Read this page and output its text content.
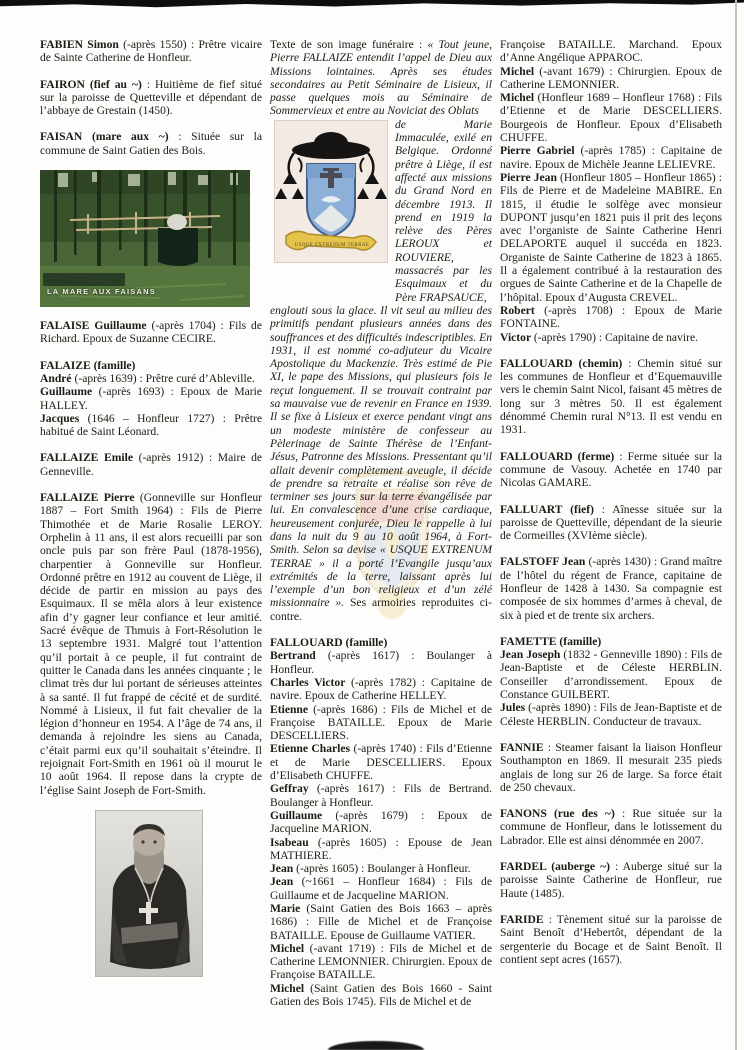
FABIEN Simon (-après 1550) : Prêtre vicaire de Sainte Catherine de Honfleur.
FAIRON (fief au ~) : Huitième de fief situé sur la paroisse de Quetteville et dépendant de l’abbaye de Grestain (1450).
FAISAN (mare aux ~) : Située sur la commune de Saint Gatien des Bois.
LA MARE AUX FAISANS
FALAISE Guillaume (-après 1704) : Fils de Richard. Epoux de Suzanne CECIRE.
FALAIZE (famille)
André (-après 1639) : Prêtre curé d’Ableville.
Guillaume (-après 1693) : Epoux de Marie HALLEY.
Jacques (1646 – Honfleur 1727) : Prêtre habitué de Saint Léonard.
FALLAIZE Emile (-après 1912) : Maire de Genneville.
FALLAIZE Pierre (Gonneville sur Honfleur 1887 – Fort Smith 1964) : Fils de Pierre Thimothée et de Marie Rosalie LEROY. Orphelin à 11 ans, il est alors recueilli par son oncle puis par son frère Paul (1878-1956), charpentier à Gonneville sur Honfleur. Ordonné prêtre en 1912 au couvent de Liège, il décide de partir en mission au pays des Esquimaux. Il se mêla alors à leur existence afin d’y gagner leur confiance et leur amitié. Sacré évêque de Thmuis à Fort-Résolution le 13 septembre 1931. Malgré tout l’attention qu’il portait à ce peuple, il fut contraint de quitter le Canada dans les années cinquante ; le climat très dur lui portant de sérieuses atteintes à sa santé. Il fut frappé de cécité et de surdité. Nommé à Lisieux, il fut fait chevalier de la légion d’honneur en 1954. A l’âge de 74 ans, il demanda à rejoindre les siens au Canada, c’était parmi eux qu’il souhaitait s’éteindre. Il rejoignait Fort-Smith en 1961 où il mourut le 10 août 1964. Il repose dans la crypte de l’église Saint Joseph de Fort-Smith.
Texte de son image funéraire : « Tout jeune, Pierre FALLAIZE entendit l’appel de Dieu aux Missions lointaines. Après ses études secondaires au Petit Séminaire de Lisieux, il passe quelques mois au Séminaire de Sommervieux et entre au Noviciat des Oblats
USQUE EXTRENUM TERRAE
de Marie Immaculée, exilé en Belgique. Ordonné prêtre à Liège, il est affecté aux missions du Grand Nord en décembre 1913. Il prend en 1919 la relève des Pères LEROUX et ROUVIERE, massacrés par les Esquimaux et du Père FRAPSAUCE,
englouti sous la glace. Il vit seul au milieu des primitifs pendant plusieurs années dans des souffrances et des difficultés indescriptibles. En 1931, il est nommé co-adjuteur du Vicaire Apostolique du Mackenzie. Très estimé de Pie XI, le pape des Missions, qui plusieurs fois le reçut longuement. Il se trouvait contraint par sa mauvaise vue de revenir en France en 1939. Il se fixe à Lisieux et exerce pendant vingt ans un modeste ministère de confesseur au Pèlerinage de Sainte Thérèse de l’Enfant-Jésus, Patronne des Missions. Pressentant qu’il allait devenir complètement aveugle, il décide de prendre sa retraite et réalise son rêve de terminer ses jours sur la terre évangélisée par lui. En convalescence d’une crise cardiaque, heureusement conjurée, Dieu le rappelle à lui dans la nuit du 9 au 10 août 1964, à Fort-Smith. Selon sa devise « USQUE EXTRENUM TERRAE » il a porté l’Evangile jusqu’aux extrémités de la terre, laissant après lui l’exemple d’un bon religieux et d’un zélé missionnaire ». Ses armoiries reproduites ci-contre.
FALLOUARD (famille)
Bertrand (-après 1617) : Boulanger à Honfleur.
Charles Victor (-après 1782) : Capitaine de navire. Epoux de Catherine HELLEY.
Etienne (-après 1686) : Fils de Michel et de Françoise BATAILLE. Epoux de Marie DESCELLIERS.
Etienne Charles (-après 1740) : Fils d’Etienne et de Marie DESCELLIERS. Epoux d’Elisabeth CHUFFE.
Geffray (-après 1617) : Fils de Bertrand. Boulanger à Honfleur.
Guillaume (-après 1679) : Epoux de Jacqueline MARION.
Isabeau (-après 1605) : Epouse de Jean MATHIERE.
Jean (-après 1605) : Boulanger à Honfleur.
Jean (~1661 – Honfleur 1684) : Fils de Guillaume et de Jacqueline MARION.
Marie (Saint Gatien des Bois 1663 – après 1686) : Fille de Michel et de Françoise BATAILLE. Epouse de Guillaume VATIER.
Michel (-avant 1719) : Fils de Michel et de Catherine LEMONNIER. Chirurgien. Epoux de Françoise BATAILLE.
Michel (Saint Gatien des Bois 1660 - Saint Gatien des Bois 1745). Fils de Michel et de
Françoise BATAILLE. Marchand. Epoux d’Anne Angélique APPAROC.
Michel (-avant 1679) : Chirurgien. Epoux de Catherine LEMONNIER.
Michel (Honfleur 1689 – Honfleur 1768) : Fils d’Etienne et de Marie DESCELLIERS. Bourgeois de Honfleur. Epoux d’Elisabeth CHUFFE.
Pierre Gabriel (-après 1785) : Capitaine de navire. Epoux de Michèle Jeanne LELIEVRE.
Pierre Jean (Honfleur 1805 – Honfleur 1865) : Fils de Pierre et de Madeleine MABIRE. En 1815, il étudie le solfège avec monsieur DUPONT jusqu’en 1821 puis il prit des leçons avec l’organiste de Sainte Catherine Henri DELAPORTE auquel il succéda en 1823. Organiste de Sainte Catherine de 1823 à 1865. Il a également contribué à la restauration des orgues de Sainte Catherine et de la Chapelle de l’hôpital. Epoux d’Augusta CREVEL.
Robert (-après 1708) : Epoux de Marie FONTAINE.
Victor (-après 1790) : Capitaine de navire.
FALLOUARD (chemin) : Chemin situé sur les communes de Honfleur et d’Equemauville vers le chemin Saint Nicol, faisant 45 mètres de long sur 3 mètres 50. Il est également dénommé Chemin rural N°13. Il est vendu en 1931.
FALLOUARD (ferme) : Ferme située sur la commune de Vasouy. Achetée en 1740 par Nicolas GAMARE.
FALLUART (fief) : Aînesse située sur la paroisse de Quetteville, dépendant de la sieurie de Cormeilles (XVIème siècle).
FALSTOFF Jean (-après 1430) : Grand maître de l’hôtel du régent de France, capitaine de Honfleur de 1428 à 1430. Sa compagnie est composée de six hommes d’armes à cheval, de six à pied et de trente six archers.
FAMETTE (famille)
Jean Joseph (1832 - Genneville 1890) : Fils de Jean-Baptiste et de Céleste HERBLIN. Conseiller d’arrondissement. Epoux de Constance GUILBERT.
Jules (-après 1890) : Fils de Jean-Baptiste et de Céleste HERBLIN. Conducteur de travaux.
FANNIE : Steamer faisant la liaison Honfleur Southampton en 1869. Il mesurait 235 pieds anglais de long sur 26 de large. Sa force était de 250 chevaux.
FANONS (rue des ~) : Rue située sur la commune de Honfleur, dans le lotissement du Labrador. Elle est ainsi dénommée en 2007.
FARDEL (auberge ~) : Auberge situé sur la paroisse Sainte Catherine de Honfleur, rue Haute (1485).
FARIDE : Tènement situé sur la paroisse de Saint Benoît d’Hebertôt, dépendant de la sergenterie du Bocage et de Saint Benoît. Il contient sept acres (1657).
